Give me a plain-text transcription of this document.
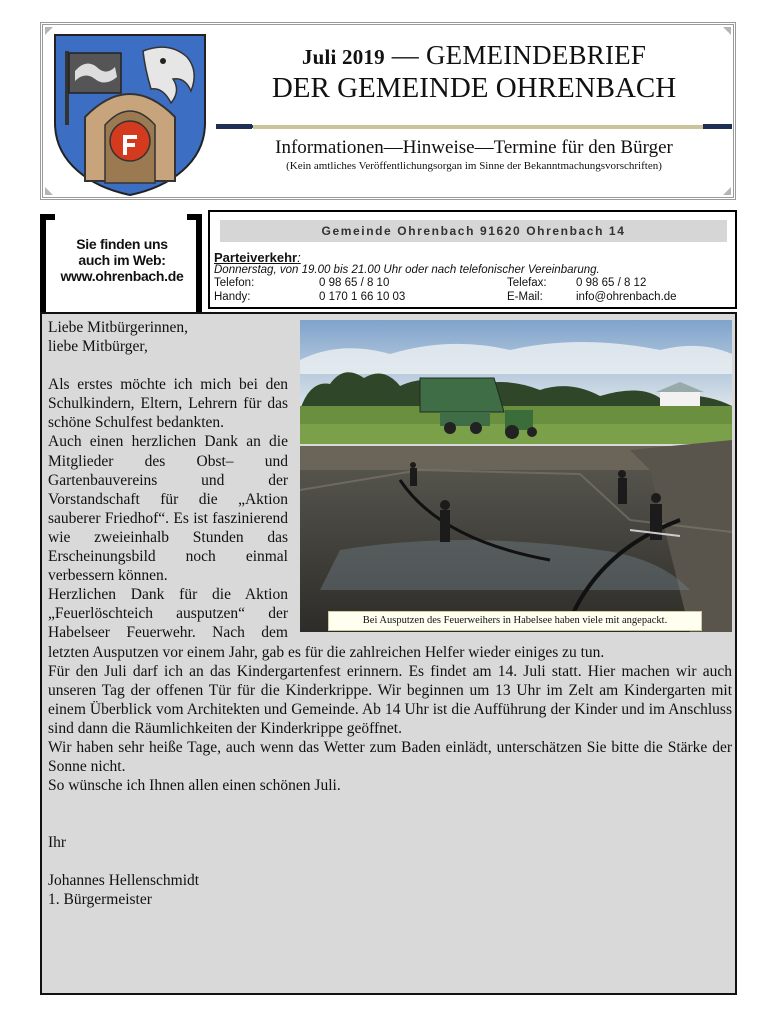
Juli 2019 — GEMEINDEBRIEF
DER GEMEINDE OHRENBACH
Informationen—Hinweise—Termine für den Bürger
(Kein amtliches Veröffentlichungsorgan im Sinne der Bekanntmachungsvorschriften)
Sie finden uns
auch im Web:
www.ohrenbach.de
Gemeinde Ohrenbach 91620 Ohrenbach 14
Parteiverkehr:
Donnerstag, von 19.00 bis 21.00 Uhr oder nach telefonischer Vereinbarung.
Telefon:	0 98 65 / 8 10	Telefax:	0 98 65 / 8 12
Handy:	0 170 1 66 10 03	E-Mail:	info@ohrenbach.de

Liebe Mitbürgerinnen,

liebe Mitbürger,

Als erstes möchte ich mich bei den Schulkindern, Eltern, Lehrern für das schöne Schulfest bedankten.

Auch einen herzlichen Dank an die Mitglieder des Obst– und Gartenbauvereins und der Vorstandschaft für die „Aktion sauberer Friedhof“. Es ist faszinierend wie zweieinhalb Stunden das Erscheinungsbild noch einmal verbessern können.

Herzlichen Dank für die Aktion „Feuerlöschteich ausputzen“ der Habelseer Feuerwehr. Nach dem letzten Ausputzen vor einem Jahr, gab es für die zahlreichen Helfer wieder einiges zu tun.

Für den Juli darf ich an das Kindergartenfest erinnern. Es findet am 14. Juli statt. Hier machen wir auch unseren Tag der offenen Tür für die Kinderkrippe. Wir beginnen um 13 Uhr im Zelt am Kindergarten mit einem Überblick vom Architekten und Gemeinde. Ab 14 Uhr ist die Aufführung der Kinder und im Anschluss sind dann die Räumlichkeiten der Kinderkrippe geöffnet.

Wir haben sehr heiße Tage, auch wenn das Wetter zum Baden einlädt, unterschätzen Sie bitte die Stärke der Sonne nicht.

So wünsche ich Ihnen allen einen schönen Juli.

Ihr

Johannes Hellenschmidt

1. Bürgermeister

Bei Ausputzen des Feuerweihers in Habelsee haben viele mit angepackt.
